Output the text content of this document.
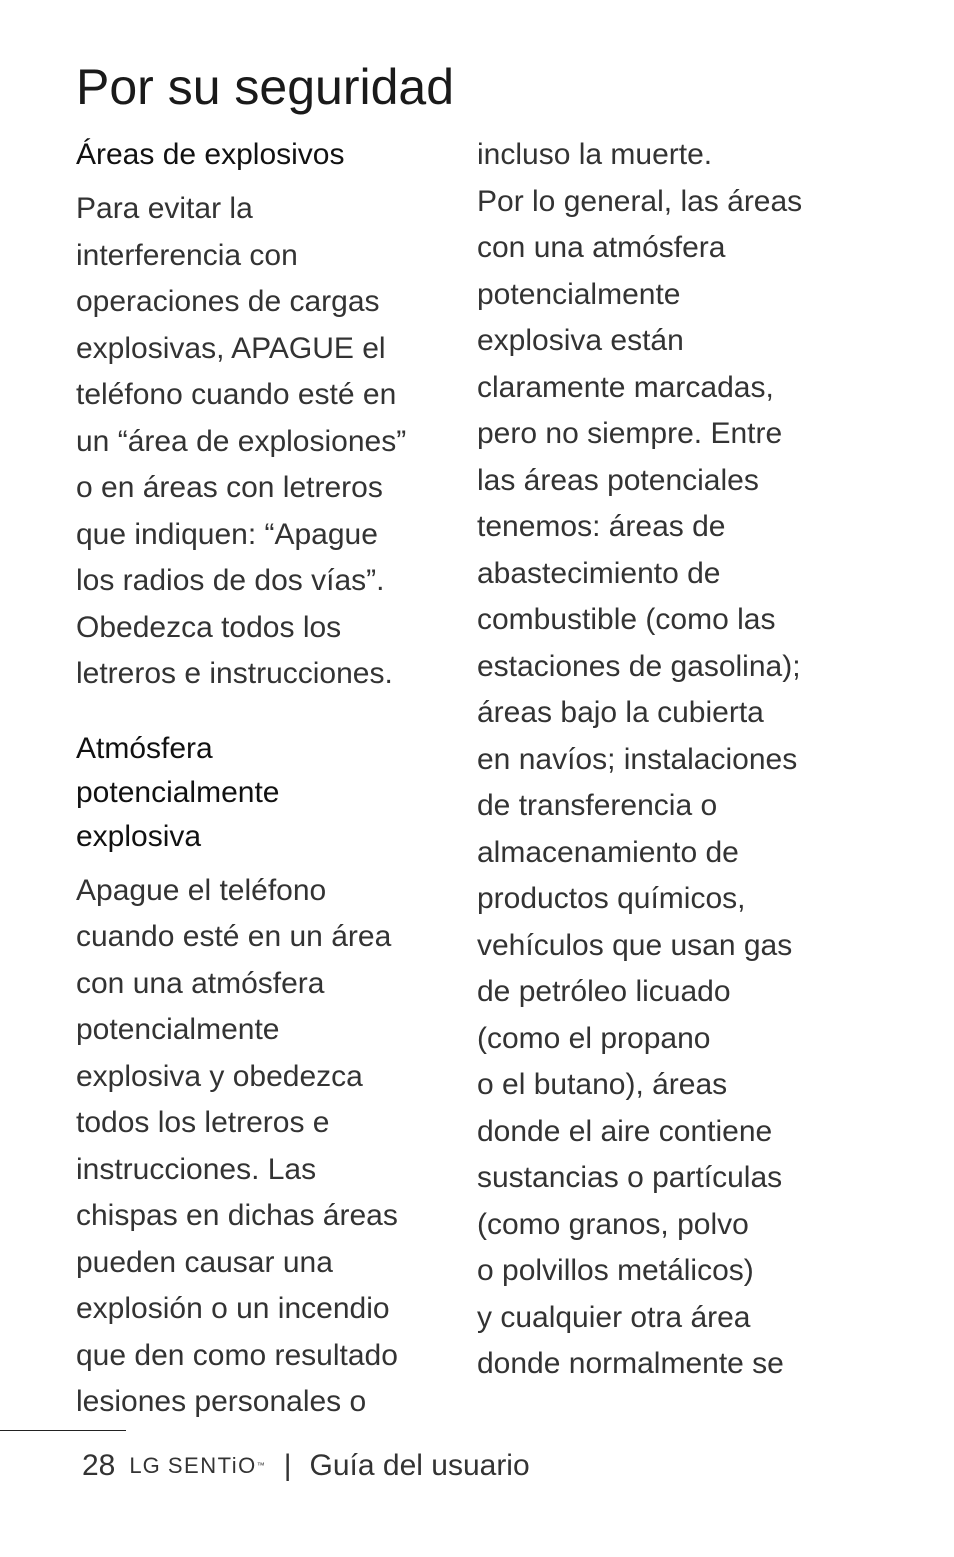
Por su seguridad
Áreas de explosivos
Para evitar la
interferencia con
operaciones de cargas
explosivas, APAGUE el
teléfono cuando esté en
un “área de explosiones”
o en áreas con letreros
que indiquen: “Apague
los radios de dos vías”.
Obedezca todos los
letreros e instrucciones.
Atmósfera
potencialmente
explosiva
Apague el teléfono
cuando esté en un área
con una atmósfera
potencialmente
explosiva y obedezca
todos los letreros e
instrucciones. Las
chispas en dichas áreas
pueden causar una
explosión o un incendio
que den como resultado
lesiones personales o
incluso la muerte.
Por lo general, las áreas
con una atmósfera
potencialmente
explosiva están
claramente marcadas,
pero no siempre. Entre
las áreas potenciales
tenemos: áreas de
abastecimiento de
combustible (como las
estaciones de gasolina);
áreas bajo la cubierta
en navíos; instalaciones
de transferencia o
almacenamiento de
productos químicos,
vehículos que usan gas
de petróleo licuado
(como el propano
o el butano), áreas
donde el aire contiene
sustancias o partículas
(como granos, polvo
o polvillos metálicos)
y cualquier otra área
donde normalmente se
28 LG SENTiO™ | Guía del usuario
